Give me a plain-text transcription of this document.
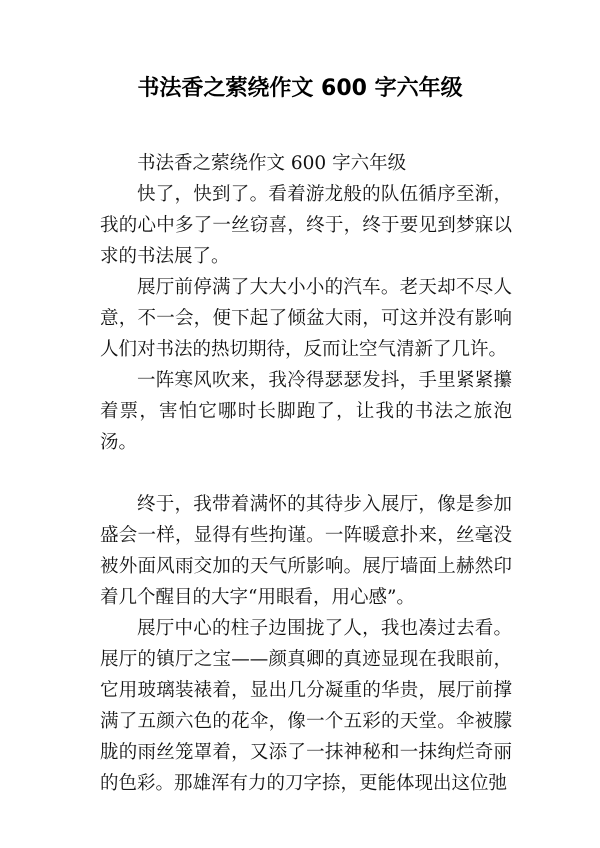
书法香之萦绕作文 600 字六年级

书法香之萦绕作文 600 字六年级

快了，快到了。看着游龙般的队伍循序至渐，我的心中多了一丝窃喜，终于，终于要见到梦寐以求的书法展了。

展厅前停满了大大小小的汽车。老天却不尽人意，不一会，便下起了倾盆大雨，可这并没有影响人们对书法的热切期待，反而让空气清新了几许。

一阵寒风吹来，我冷得瑟瑟发抖，手里紧紧攥着票，害怕它哪时长脚跑了，让我的书法之旅泡汤。

终于，我带着满怀的其待步入展厅，像是参加盛会一样，显得有些拘谨。一阵暖意扑来，丝毫没被外面风雨交加的天气所影响。展厅墙面上赫然印着几个醒目的大字“用眼看，用心感”。

展厅中心的柱子边围拢了人，我也凑过去看。展厅的镇厅之宝——颜真卿的真迹显现在我眼前，它用玻璃装裱着，显出几分凝重的华贵，展厅前撑满了五颜六色的花伞，像一个五彩的天堂。伞被朦胧的雨丝笼罩着，又添了一抹神秘和一抹绚烂奇丽的色彩。那雄浑有力的刀字捺，更能体现出这位弛
